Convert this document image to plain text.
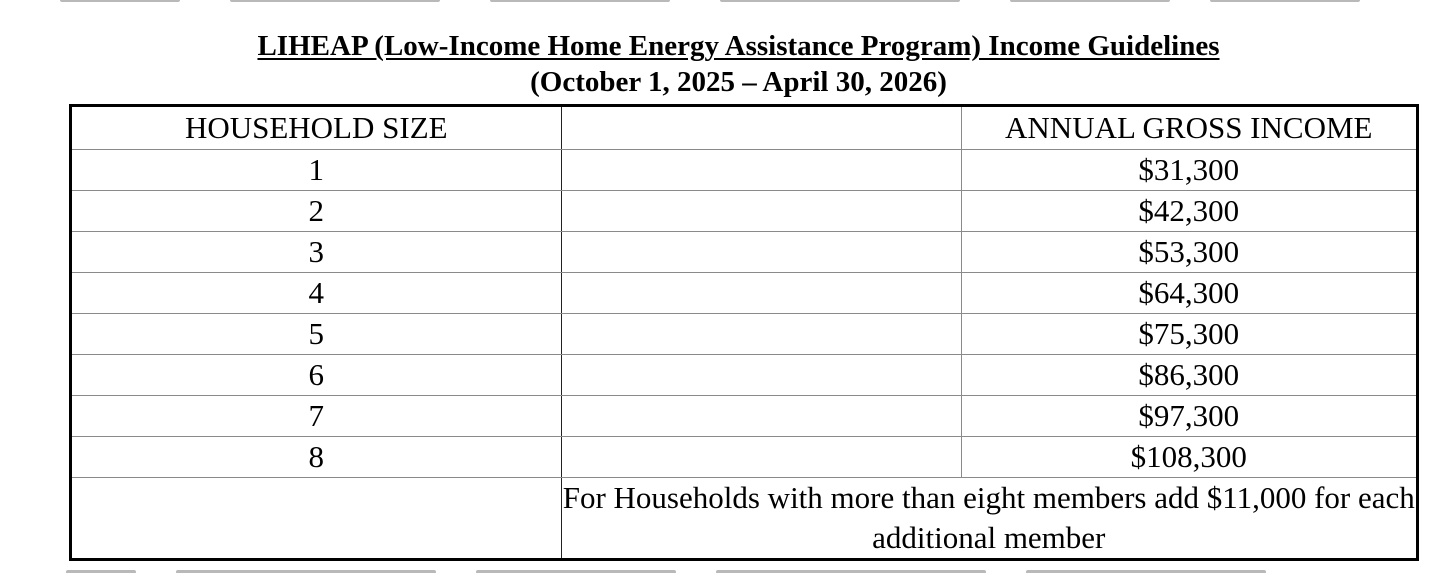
LIHEAP (Low-Income Home Energy Assistance Program) Income Guidelines
(October 1, 2025 – April 30, 2026)
HOUSEHOLD SIZE		ANNUAL GROSS INCOME
1		$31,300
2		$42,300
3		$53,300
4		$64,300
5		$75,300
6		$86,300
7		$97,300
8		$108,300
	For Households with more than eight members add $11,000 for each additional member	
